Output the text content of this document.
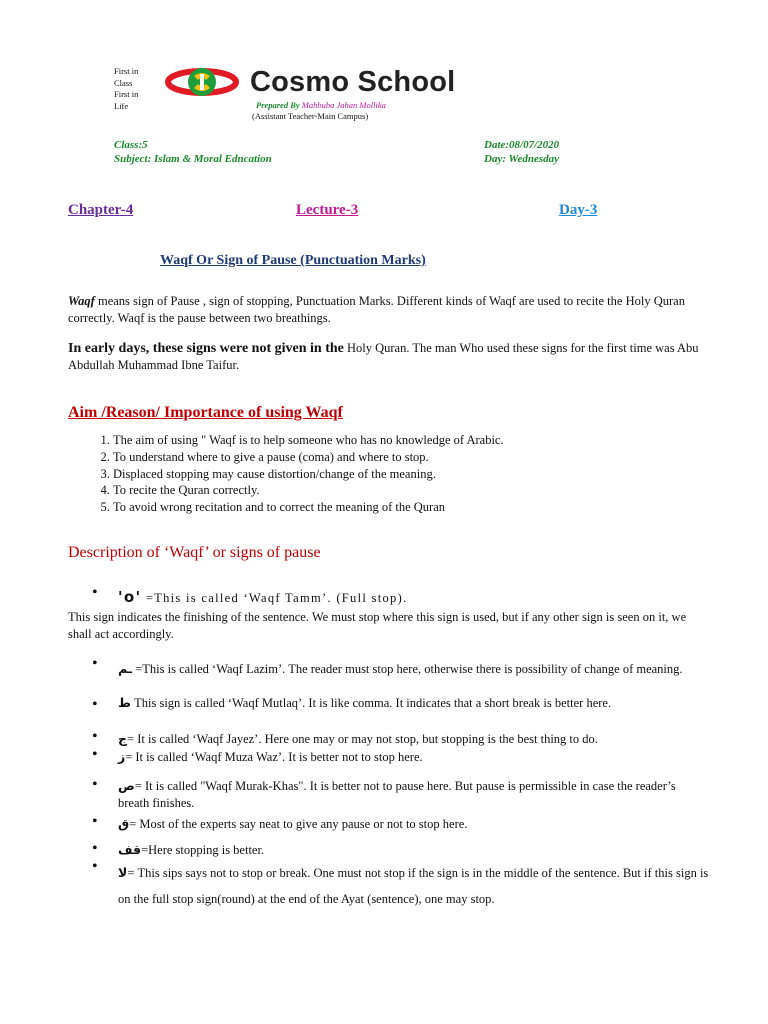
First in
Class
First in
Life
Cosmo School
Prepared By Mahbuba Jahan Mollika
(Assistant Teacher-Main Campus)
Class:5
Subject: Islam & Moral Edncation
Date:08/07/2020
Day: Wednesday
Chapter-4	Lecture-3	Day-3
Waqf Or Sign of Pause (Punctuation Marks)
Waqf means sign of Pause , sign of stopping, Punctuation Marks. Different kinds of Waqf are used to recite the Holy Quran correctly. Waqf is the pause between two breathings.
In early days, these signs were not given in the Holy Quran. The man Who used these signs for the first time was Abu Abdullah Muhammad Ibne Taifur.
Aim /Reason/ Importance of using Waqf
1. The aim of using " Waqf is to help someone who has no knowledge of Arabic.
2. To understand where to give a pause (coma) and where to stop.
3. Displaced stopping may cause distortion/change of the meaning.
4. To recite the Quran correctly.
5. To avoid wrong recitation and to correct the meaning of the Quran
Description of ‘Waqf’ or signs of pause
• 'o' =This is called ‘Waqf Tamm’. (Full stop).
This sign indicates the finishing of the sentence. We must stop where this sign is used, but if any other sign is seen on it, we shall act accordingly.
• ـم =This is called ‘Waqf Lazim’. The reader must stop here, otherwise there is possibility of change of meaning.
• ط This sign is called ‘Waqf Mutlaq’. It is like comma. It indicates that a short break is better here.
• ج= It is called ‘Waqf Jayez’. Here one may or may not stop, but stopping is the best thing to do.
• ز= It is called ‘Waqf Muza Waz’. It is better not to stop here.
• ص= It is called "Waqf Murak-Khas". It is better not to pause here. But pause is permissible in case the reader’s breath finishes.
• ق= Most of the experts say neat to give any pause or not to stop here.
• قف=Here stopping is better.
• لا= This sips says not to stop or break. One must not stop if the sign is in the middle of the sentence. But if this sign is on the full stop sign(round) at the end of the Ayat (sentence), one may stop.
